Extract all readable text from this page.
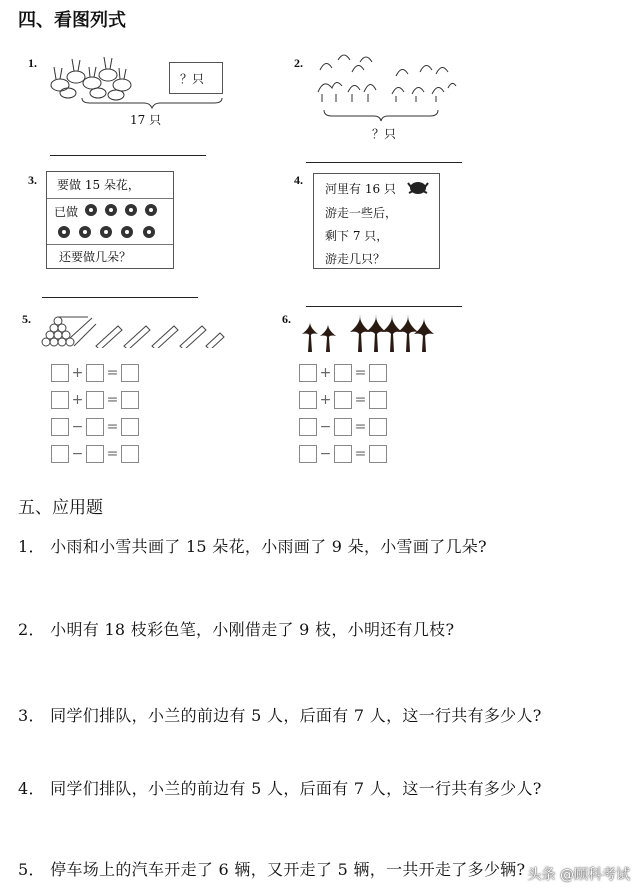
四、看图列式
1.
？只
17 只
2.
？只
3. 要做 15 朵花，
已做
还要做几朵？
4.
河里有 16 只
游走一些后，
剩下 7 只，
游走几只？
5.
+ =
+ =
− =
− =
6.
+ =
+ =
− =
− =
五、应用题
1． 小雨和小雪共画了 15 朵花，小雨画了 9 朵，小雪画了几朵?
2． 小明有 18 枝彩色笔，小刚借走了 9 枝，小明还有几枝?
3． 同学们排队，小兰的前边有 5 人，后面有 7 人，这一行共有多少人?
4． 同学们排队，小兰的前边有 5 人，后面有 7 人，这一行共有多少人?
5． 停车场上的汽车开走了 6 辆，又开走了 5 辆，一共开走了多少辆? 头条 @顾科考试
